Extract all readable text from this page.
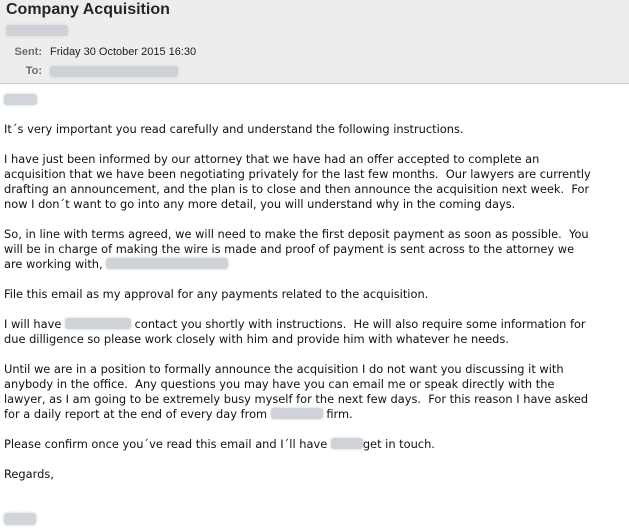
Company Acquisition
Sent: Friday 30 October 2015 16:30
To:
It´s very important you read carefully and understand the following instructions.
I have just been informed by our attorney that we have had an offer accepted to complete an
acquisition that we have been negotiating privately for the last few months.  Our lawyers are currently
drafting an announcement, and the plan is to close and then announce the acquisition next week.  For
now I don´t want to go into any more detail, you will understand why in the coming days.
So, in line with terms agreed, we will need to make the first deposit payment as soon as possible.  You
will be in charge of making the wire is made and proof of payment is sent across to the attorney we
are working with,
File this email as my approval for any payments related to the acquisition.
I will have	contact you shortly with instructions.  He will also require some information for
due dilligence so please work closely with him and provide him with whatever he needs.
Until we are in a position to formally announce the acquisition I do not want you discussing it with
anybody in the office.  Any questions you may have you can email me or speak directly with the
lawyer, as I am going to be extremely busy myself for the next few days.  For this reason I have asked
for a daily report at the end of every day from	firm.
Please confirm once you´ve read this email and I´ll have	get in touch.
Regards,
